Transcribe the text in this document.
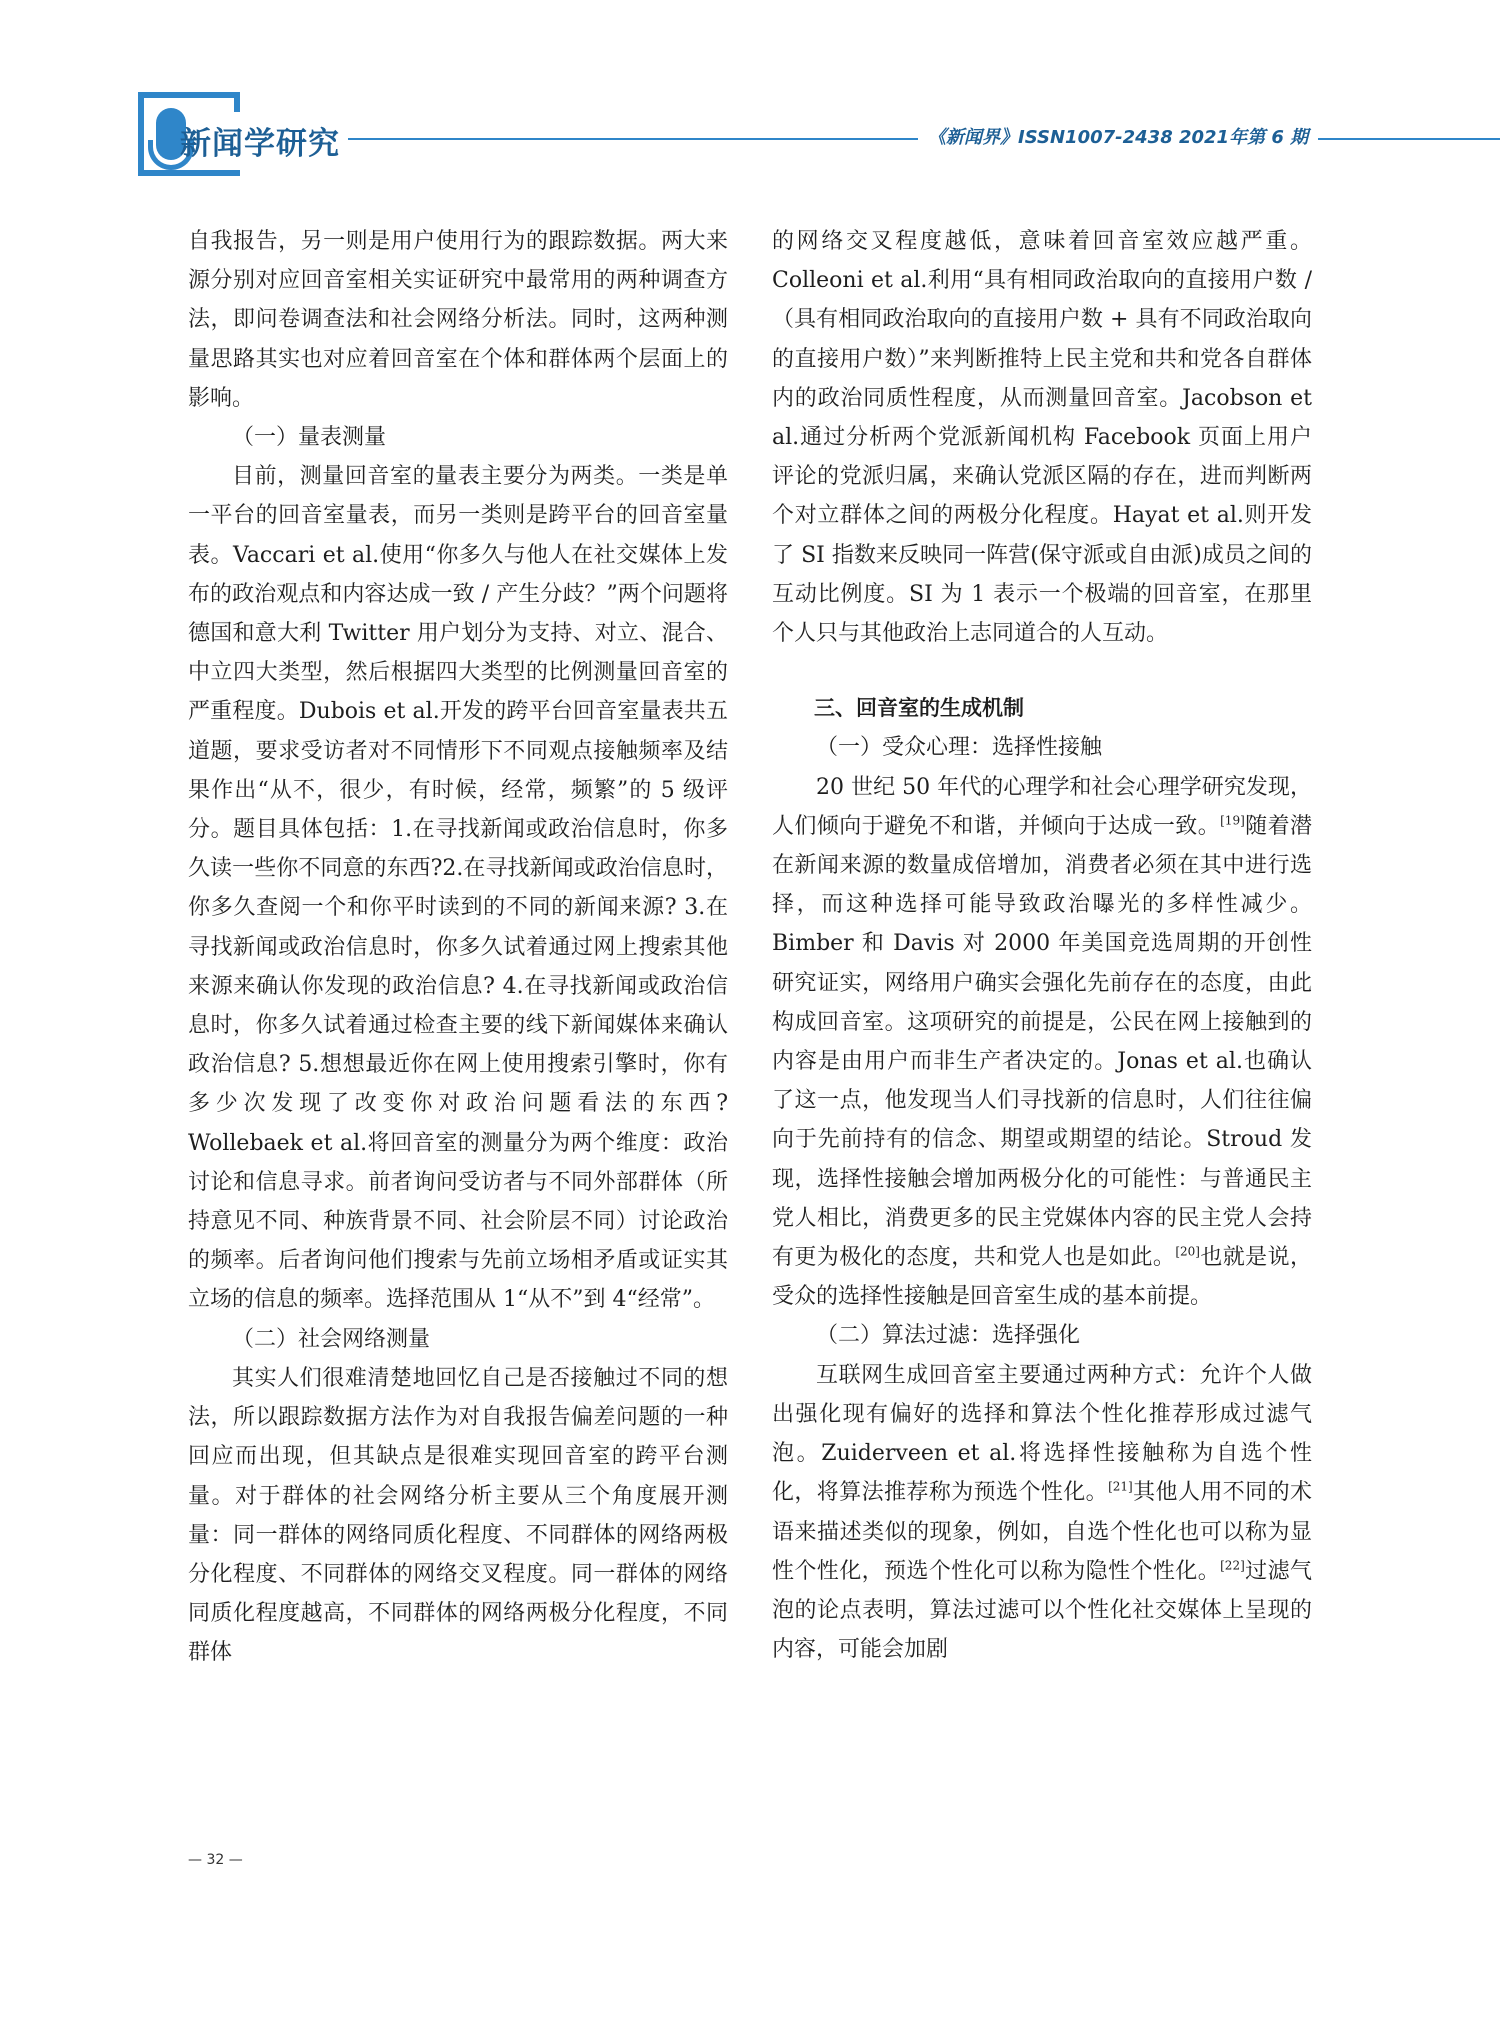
新闻学研究	《新闻界》ISSN1007-2438 2021年第 6 期

自我报告，另一则是用户使用行为的跟踪数据。两大来源分别对应回音室相关实证研究中最常用的两种调查方法，即问卷调查法和社会网络分析法。同时，这两种测量思路其实也对应着回音室在个体和群体两个层面上的影响。

（一）量表测量

目前，测量回音室的量表主要分为两类。一类是单一平台的回音室量表，而另一类则是跨平台的回音室量表。Vaccari et al.使用“你多久与他人在社交媒体上发布的政治观点和内容达成一致 / 产生分歧？”两个问题将德国和意大利 Twitter 用户划分为支持、对立、混合、中立四大类型，然后根据四大类型的比例测量回音室的严重程度。Dubois et al.开发的跨平台回音室量表共五道题，要求受访者对不同情形下不同观点接触频率及结果作出“从不，很少，有时候，经常，频繁”的 5 级评分。题目具体包括：1.在寻找新闻或政治信息时，你多久读一些你不同意的东西?2.在寻找新闻或政治信息时，你多久查阅一个和你平时读到的不同的新闻来源? 3.在寻找新闻或政治信息时，你多久试着通过网上搜索其他来源来确认你发现的政治信息? 4.在寻找新闻或政治信息时，你多久试着通过检查主要的线下新闻媒体来确认政治信息? 5.想想最近你在网上使用搜索引擎时，你有多少次发现了改变你对政治问题看法的东西? Wollebaek et al.将回音室的测量分为两个维度：政治讨论和信息寻求。前者询问受访者与不同外部群体（所持意见不同、种族背景不同、社会阶层不同）讨论政治的频率。后者询问他们搜索与先前立场相矛盾或证实其立场的信息的频率。选择范围从 1“从不”到 4“经常”。

（二）社会网络测量

其实人们很难清楚地回忆自己是否接触过不同的想法，所以跟踪数据方法作为对自我报告偏差问题的一种回应而出现，但其缺点是很难实现回音室的跨平台测量。对于群体的社会网络分析主要从三个角度展开测量：同一群体的网络同质化程度、不同群体的网络两极分化程度、不同群体的网络交叉程度。同一群体的网络同质化程度越高，不同群体的网络两极分化程度，不同群体

的网络交叉程度越低，意味着回音室效应越严重。Colleoni et al.利用“具有相同政治取向的直接用户数 /（具有相同政治取向的直接用户数 + 具有不同政治取向的直接用户数）”来判断推特上民主党和共和党各自群体内的政治同质性程度，从而测量回音室。Jacobson et al.通过分析两个党派新闻机构 Facebook 页面上用户评论的党派归属，来确认党派区隔的存在，进而判断两个对立群体之间的两极分化程度。Hayat et al.则开发了 SI 指数来反映同一阵营(保守派或自由派)成员之间的互动比例度。SI 为 1 表示一个极端的回音室，在那里个人只与其他政治上志同道合的人互动。

三、回音室的生成机制

（一）受众心理：选择性接触

20 世纪 50 年代的心理学和社会心理学研究发现，人们倾向于避免不和谐，并倾向于达成一致。[19]随着潜在新闻来源的数量成倍增加，消费者必须在其中进行选择，而这种选择可能导致政治曝光的多样性减少。Bimber 和 Davis 对 2000 年美国竞选周期的开创性研究证实，网络用户确实会强化先前存在的态度，由此构成回音室。这项研究的前提是，公民在网上接触到的内容是由用户而非生产者决定的。Jonas et al.也确认了这一点，他发现当人们寻找新的信息时，人们往往偏向于先前持有的信念、期望或期望的结论。Stroud 发现，选择性接触会增加两极分化的可能性：与普通民主党人相比，消费更多的民主党媒体内容的民主党人会持有更为极化的态度，共和党人也是如此。[20]也就是说，受众的选择性接触是回音室生成的基本前提。

（二）算法过滤：选择强化

互联网生成回音室主要通过两种方式：允许个人做出强化现有偏好的选择和算法个性化推荐形成过滤气泡。Zuiderveen et al.将选择性接触称为自选个性化，将算法推荐称为预选个性化。[21]其他人用不同的术语来描述类似的现象，例如，自选个性化也可以称为显性个性化，预选个性化可以称为隐性个性化。[22]过滤气泡的论点表明，算法过滤可以个性化社交媒体上呈现的内容，可能会加剧

— 32 —
